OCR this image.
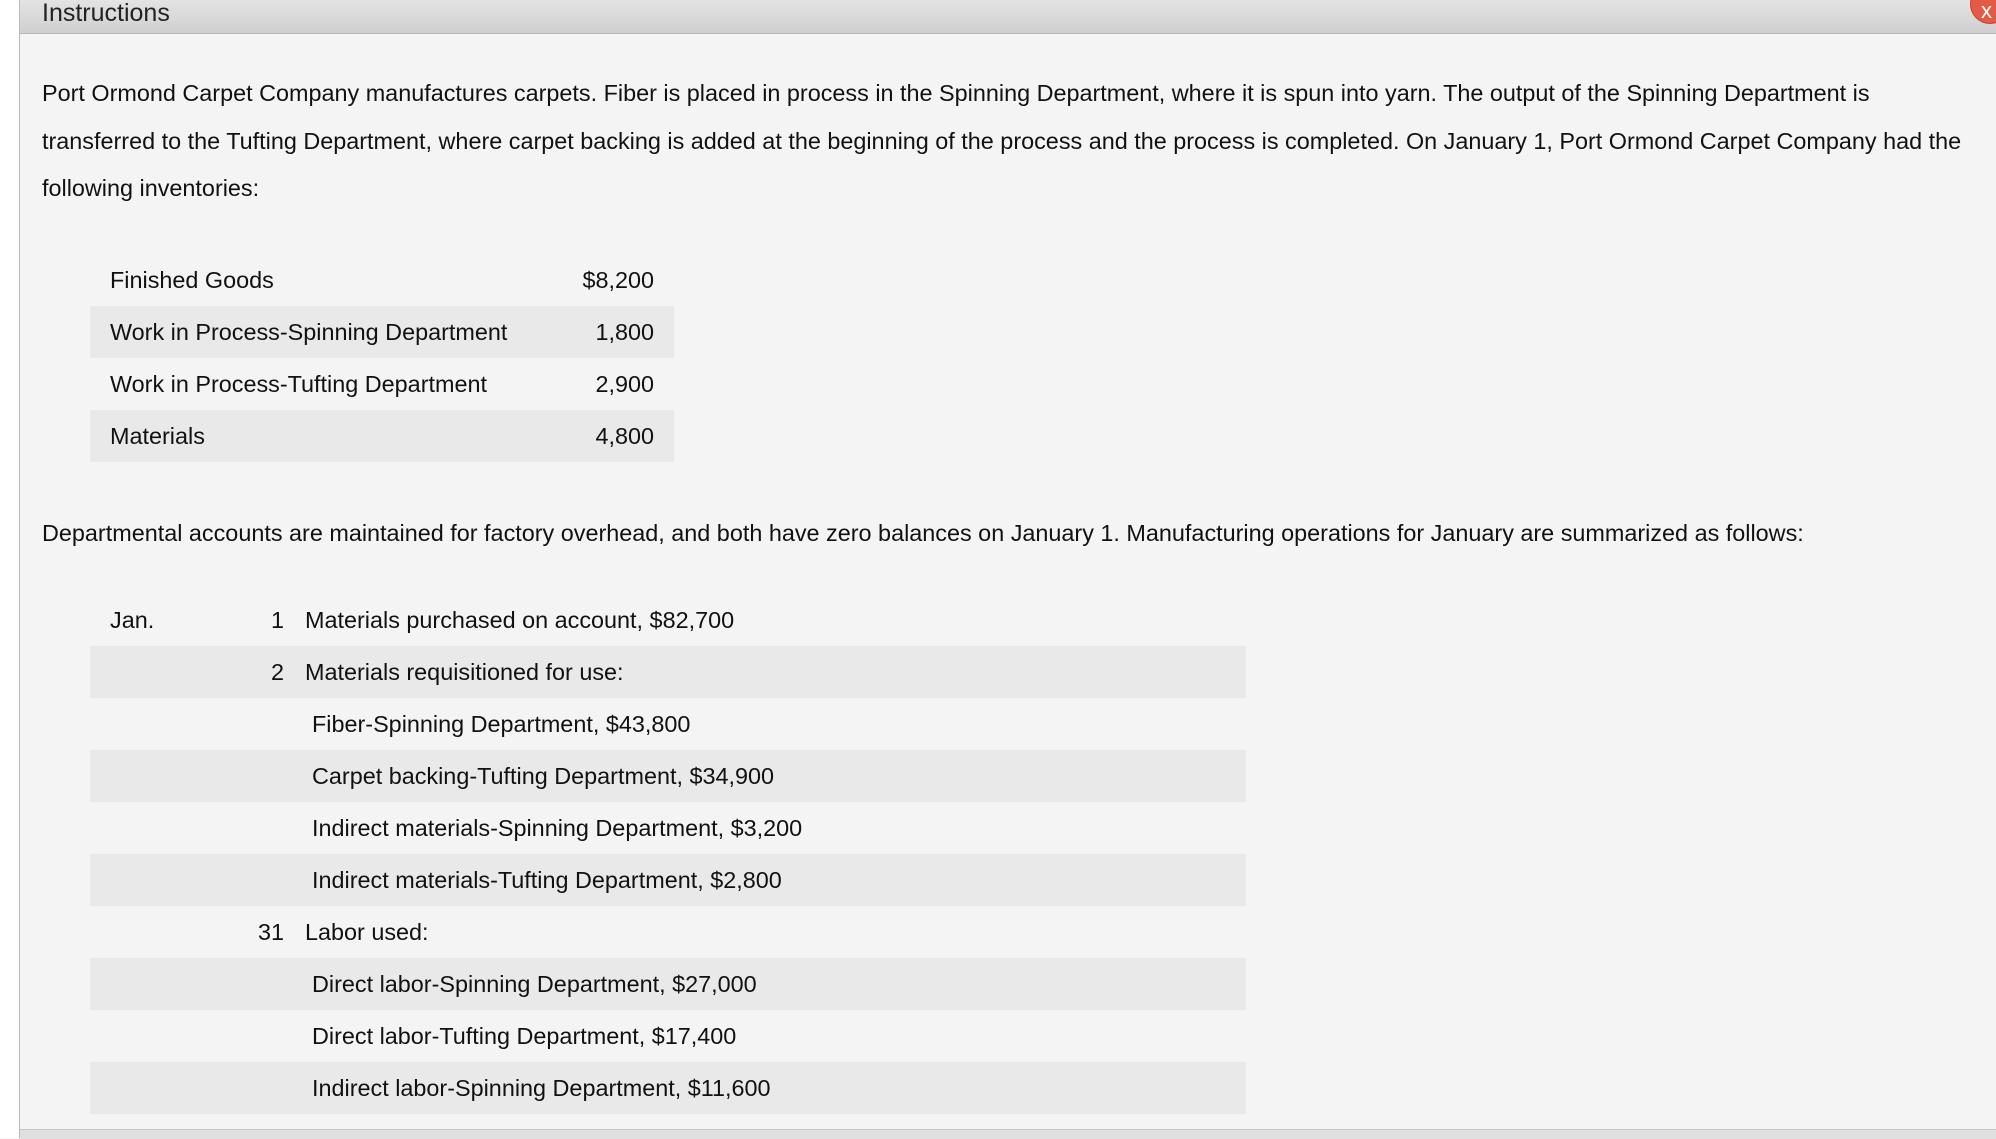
Instructions	x

Port Ormond Carpet Company manufactures carpets. Fiber is placed in process in the Spinning Department, where it is spun into yarn. The output of the Spinning Department is transferred to the Tufting Department, where carpet backing is added at the beginning of the process and the process is completed. On January 1, Port Ormond Carpet Company had the following inventories:

Finished Goods	$8,200
Work in Process-Spinning Department	1,800
Work in Process-Tufting Department	2,900
Materials	4,800

Departmental accounts are maintained for factory overhead, and both have zero balances on January 1. Manufacturing operations for January are summarized as follows:

Jan.	1	Materials purchased on account, $82,700
	2	Materials requisitioned for use:
		Fiber-Spinning Department, $43,800
		Carpet backing-Tufting Department, $34,900
		Indirect materials-Spinning Department, $3,200
		Indirect materials-Tufting Department, $2,800
	31	Labor used:
		Direct labor-Spinning Department, $27,000
		Direct labor-Tufting Department, $17,400
		Indirect labor-Spinning Department, $11,600
